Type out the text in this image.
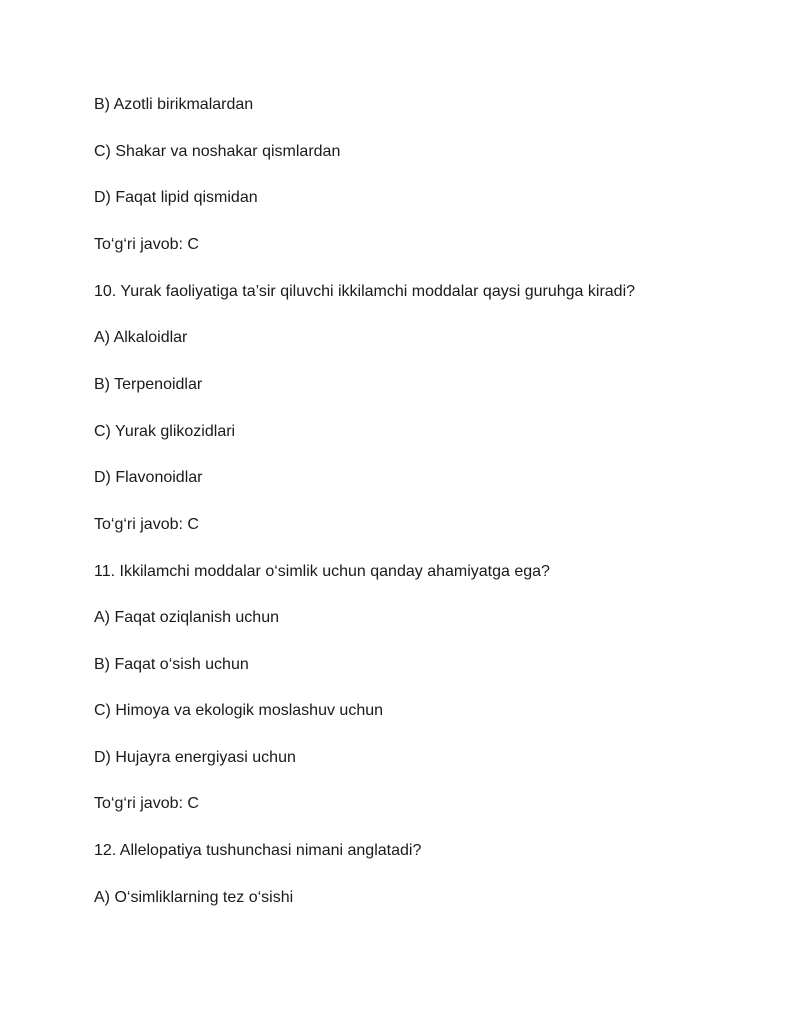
B) Azotli birikmalardan

C) Shakar va noshakar qismlardan

D) Faqat lipid qismidan

To‘g‘ri javob: C

10. Yurak faoliyatiga ta’sir qiluvchi ikkilamchi moddalar qaysi guruhga kiradi?

A) Alkaloidlar

B) Terpenoidlar

C) Yurak glikozidlari

D) Flavonoidlar

To‘g‘ri javob: C

11. Ikkilamchi moddalar o‘simlik uchun qanday ahamiyatga ega?

A) Faqat oziqlanish uchun

B) Faqat o‘sish uchun

C) Himoya va ekologik moslashuv uchun

D) Hujayra energiyasi uchun

To‘g‘ri javob: C

12. Allelopatiya tushunchasi nimani anglatadi?

A) O‘simliklarning tez o‘sishi
